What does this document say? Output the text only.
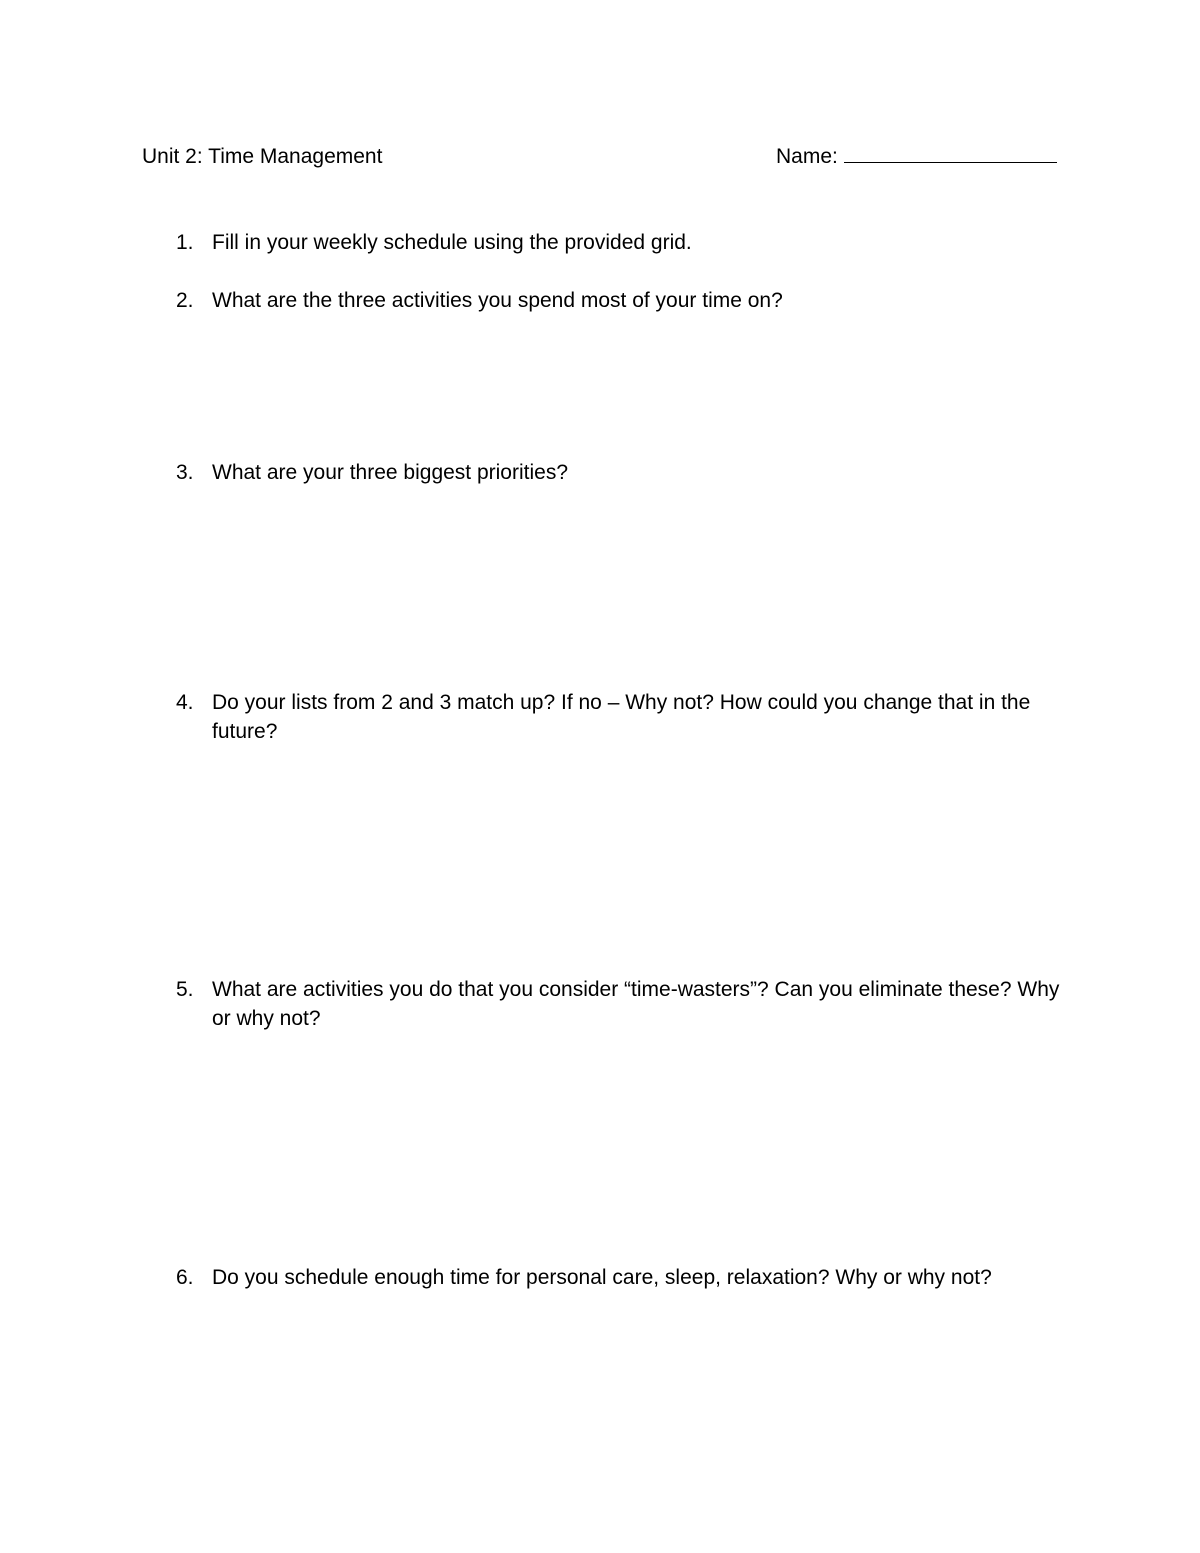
Unit 2: Time Management	Name:
1. Fill in your weekly schedule using the provided grid.
2. What are the three activities you spend most of your time on?
3. What are your three biggest priorities?
4. Do your lists from 2 and 3 match up? If no – Why not? How could you change that in the future?
5. What are activities you do that you consider “time-wasters”? Can you eliminate these? Why or why not?
6. Do you schedule enough time for personal care, sleep, relaxation? Why or why not?
